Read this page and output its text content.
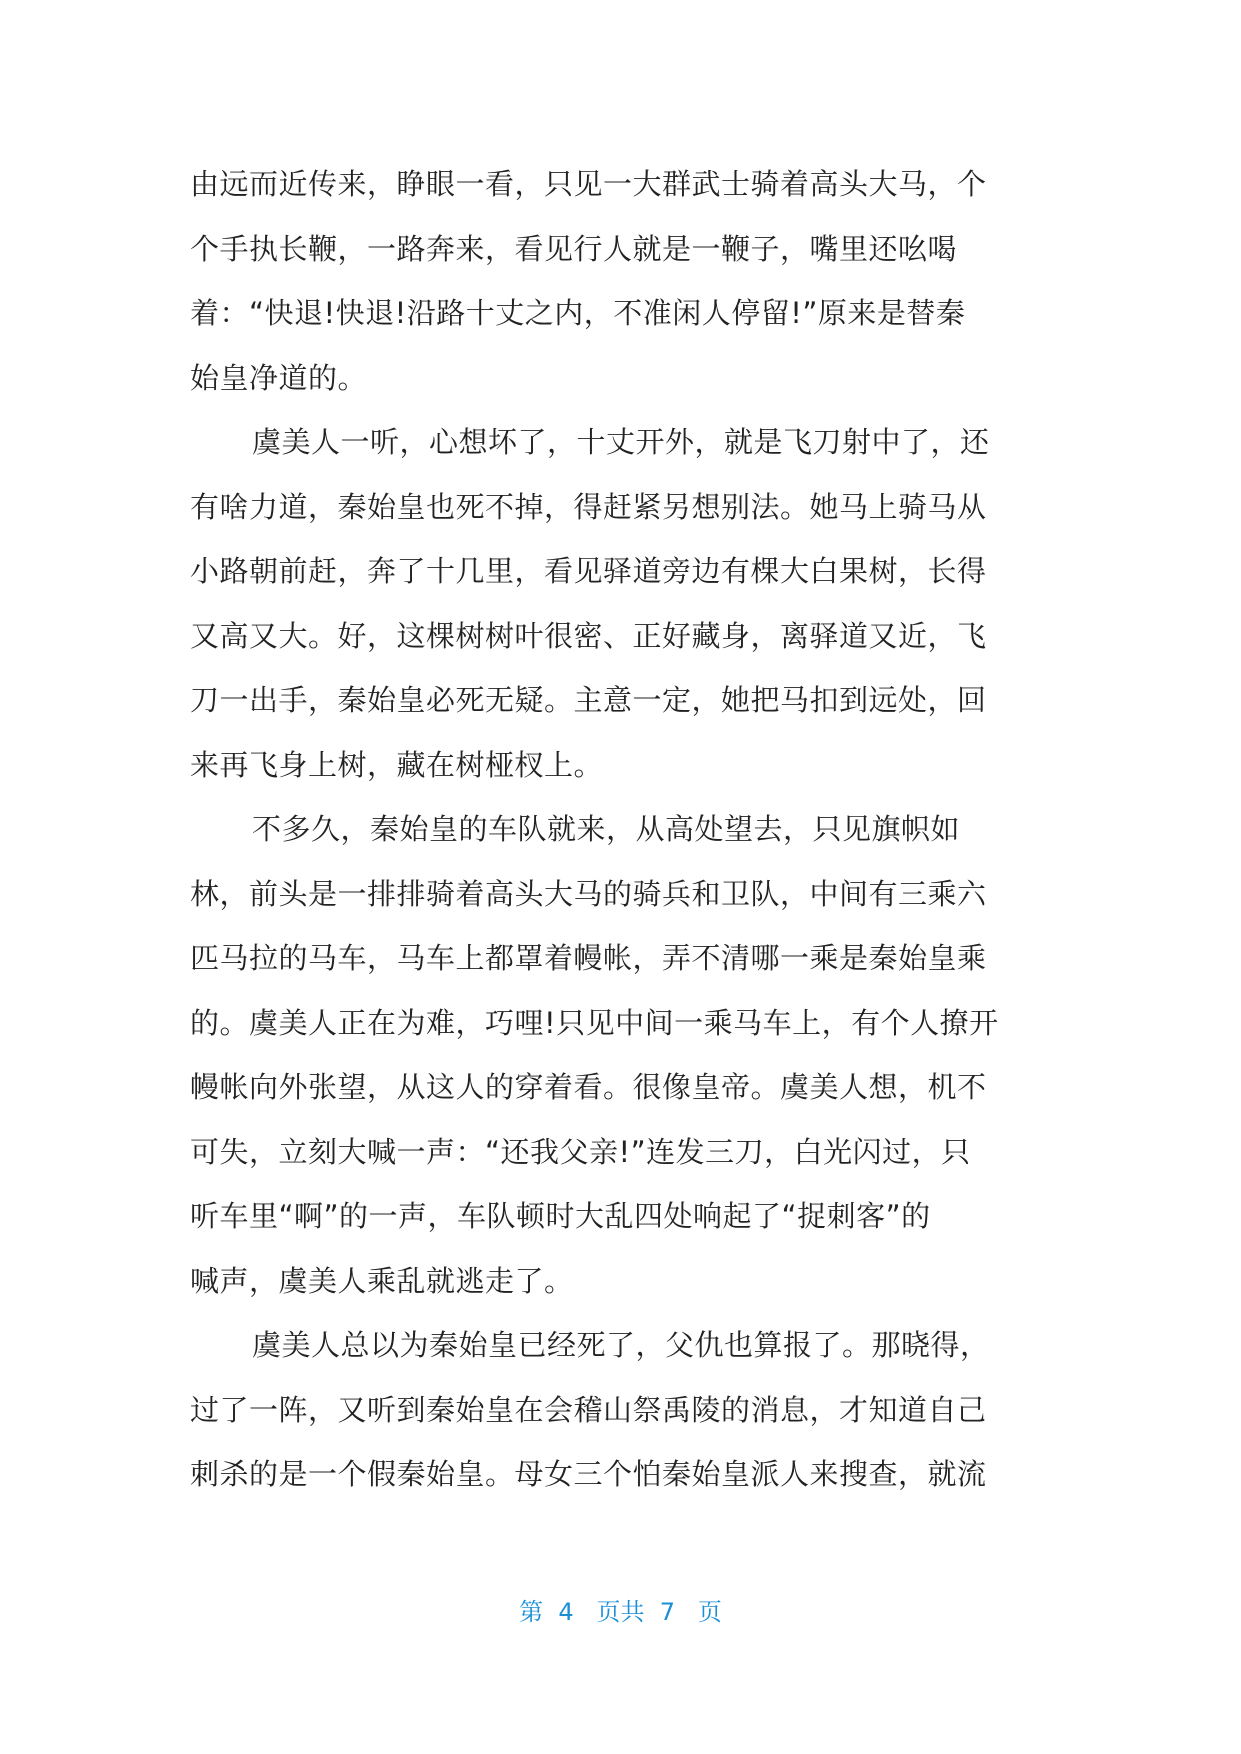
由远而近传来，睁眼一看，只见一大群武士骑着高头大马，个
个手执长鞭，一路奔来，看见行人就是一鞭子，嘴里还吆喝
着：“快退!快退!沿路十丈之内，不准闲人停留!”原来是替秦
始皇净道的。
虞美人一听，心想坏了，十丈开外，就是飞刀射中了，还
有啥力道，秦始皇也死不掉，得赶紧另想别法。她马上骑马从
小路朝前赶，奔了十几里，看见驿道旁边有棵大白果树，长得
又高又大。好，这棵树树叶很密、正好藏身，离驿道又近，飞
刀一出手，秦始皇必死无疑。主意一定，她把马扣到远处，回
来再飞身上树，藏在树桠杈上。
不多久，秦始皇的车队就来，从高处望去，只见旗帜如
林，前头是一排排骑着高头大马的骑兵和卫队，中间有三乘六
匹马拉的马车，马车上都罩着幔帐，弄不清哪一乘是秦始皇乘
的。虞美人正在为难，巧哩!只见中间一乘马车上，有个人撩开
幔帐向外张望，从这人的穿着看。很像皇帝。虞美人想，机不
可失，立刻大喊一声：“还我父亲!”连发三刀，白光闪过，只
听车里“啊”的一声，车队顿时大乱四处响起了“捉刺客”的
喊声，虞美人乘乱就逃走了。
虞美人总以为秦始皇已经死了，父仇也算报了。那晓得，
过了一阵，又听到秦始皇在会稽山祭禹陵的消息，才知道自己
刺杀的是一个假秦始皇。母女三个怕秦始皇派人来搜查，就流
第  4   页共  7   页
